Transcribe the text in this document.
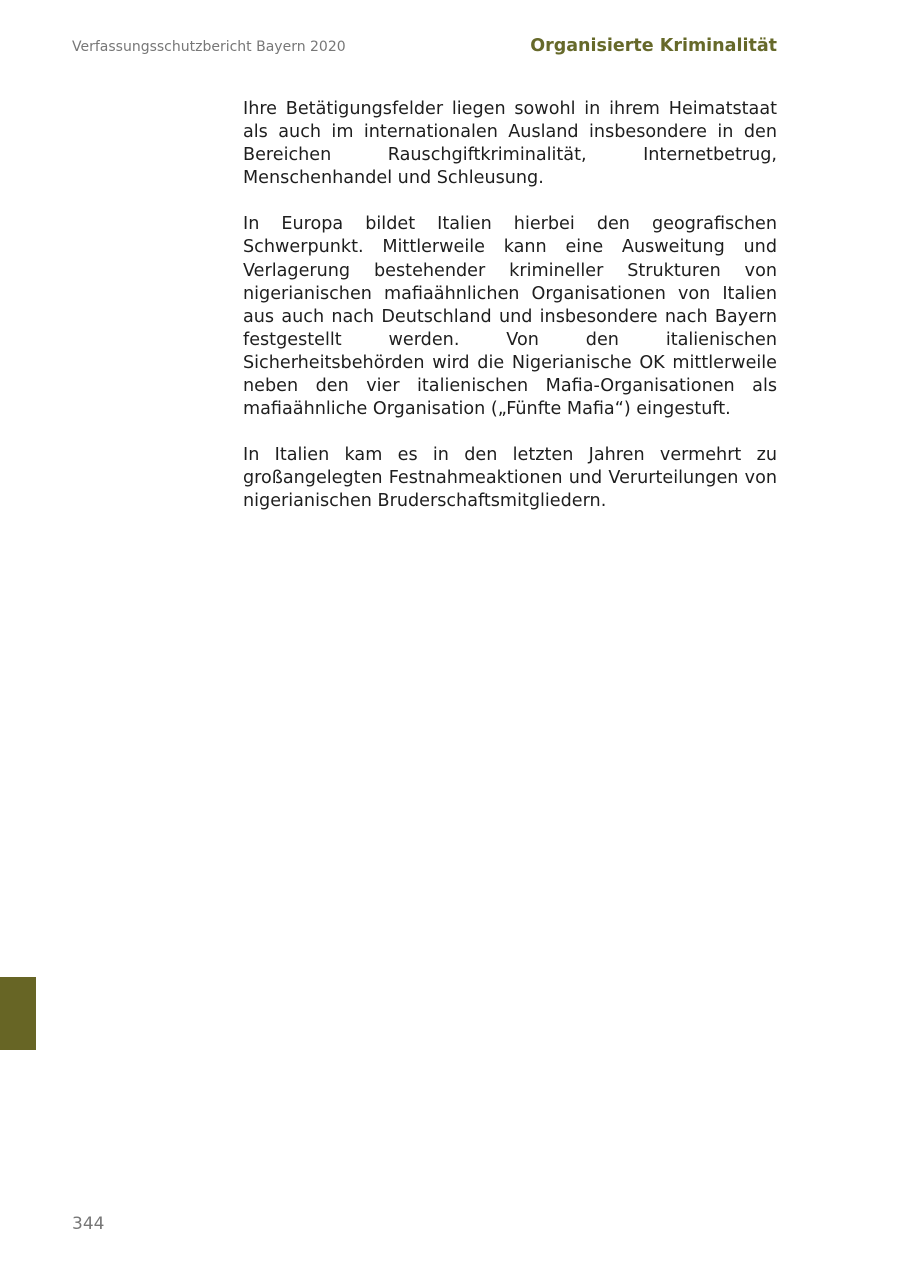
Verfassungsschutzbericht Bayern 2020	Organisierte Kriminalität

Ihre Betätigungsfelder liegen sowohl in ihrem Heimatstaat als auch im internationalen Ausland insbesondere in den Bereichen Rauschgiftkriminalität, Internetbetrug, Menschenhandel und Schleusung.

In Europa bildet Italien hierbei den geografischen Schwerpunkt. Mittlerweile kann eine Ausweitung und Verlagerung bestehender krimineller Strukturen von nigerianischen mafiaähnlichen Organisationen von Italien aus auch nach Deutschland und insbesondere nach Bayern festgestellt werden. Von den italienischen Sicherheitsbehörden wird die Nigerianische OK mittlerweile neben den vier italienischen Mafia-Organisationen als mafiaähnliche Organisation („Fünfte Mafia“) eingestuft.

In Italien kam es in den letzten Jahren vermehrt zu großangelegten Festnahmeaktionen und Verurteilungen von nigerianischen Bruderschaftsmitgliedern.

344
